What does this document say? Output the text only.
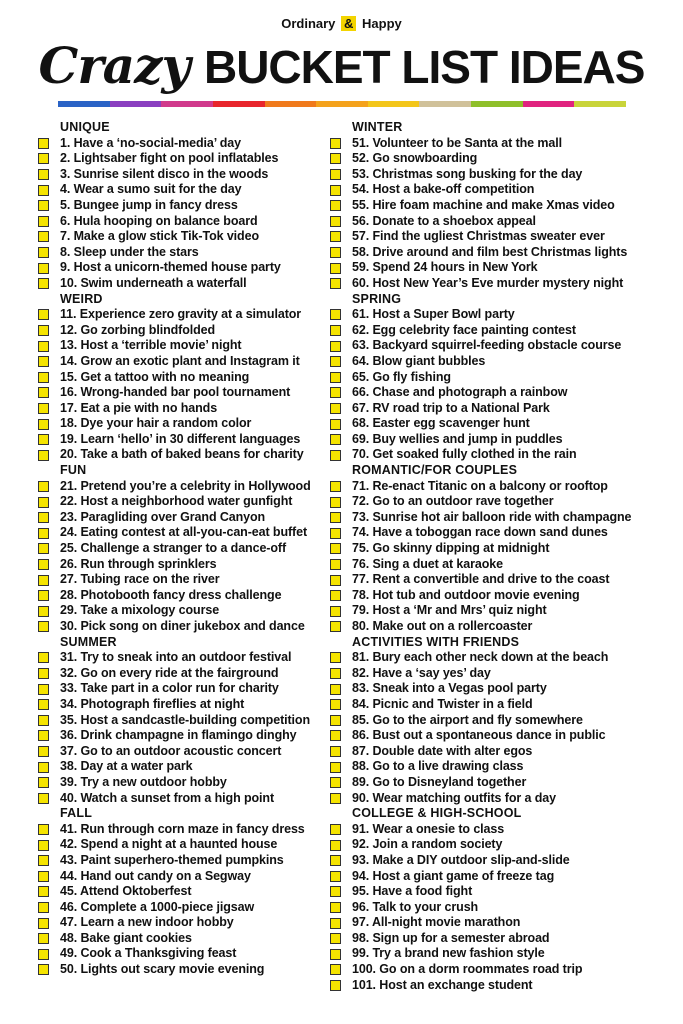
Ordinary & Happy
Crazy BUCKET LIST IDEAS
UNIQUE
1. Have a ‘no-social-media’ day
2. Lightsaber fight on pool inflatables
3. Sunrise silent disco in the woods
4. Wear a sumo suit for the day
5. Bungee jump in fancy dress
6. Hula hooping on balance board
7. Make a glow stick Tik-Tok video
8. Sleep under the stars
9. Host a unicorn-themed house party
10. Swim underneath a waterfall
WEIRD
11. Experience zero gravity at a simulator
12. Go zorbing blindfolded
13. Host a ‘terrible movie’ night
14. Grow an exotic plant and Instagram it
15. Get a tattoo with no meaning
16. Wrong-handed bar pool tournament
17. Eat a pie with no hands
18. Dye your hair a random color
19. Learn ‘hello’ in 30 different languages
20. Take a bath of baked beans for charity
FUN
21. Pretend you’re a celebrity in Hollywood
22. Host a neighborhood water gunfight
23. Paragliding over Grand Canyon
24. Eating contest at all-you-can-eat buffet
25. Challenge a stranger to a dance-off
26. Run through sprinklers
27. Tubing race on the river
28. Photobooth fancy dress challenge
29. Take a mixology course
30. Pick song on diner jukebox and dance
SUMMER
31. Try to sneak into an outdoor festival
32. Go on every ride at the fairground
33. Take part in a color run for charity
34. Photograph fireflies at night
35. Host a sandcastle-building competition
36. Drink champagne in flamingo dinghy
37. Go to an outdoor acoustic concert
38. Day at a water park
39. Try a new outdoor hobby
40. Watch a sunset from a high point
FALL
41. Run through corn maze in fancy dress
42. Spend a night at a haunted house
43. Paint superhero-themed pumpkins
44. Hand out candy on a Segway
45. Attend Oktoberfest
46. Complete a 1000-piece jigsaw
47. Learn a new indoor hobby
48. Bake giant cookies
49. Cook a Thanksgiving feast
50. Lights out scary movie evening
WINTER
51. Volunteer to be Santa at the mall
52. Go snowboarding
53. Christmas song busking for the day
54. Host a bake-off competition
55. Hire foam machine and make Xmas video
56. Donate to a shoebox appeal
57. Find the ugliest Christmas sweater ever
58. Drive around and film best Christmas lights
59. Spend 24 hours in New York
60. Host New Year’s Eve murder mystery night
SPRING
61. Host a Super Bowl party
62. Egg celebrity face painting contest
63. Backyard squirrel-feeding obstacle course
64. Blow giant bubbles
65. Go fly fishing
66. Chase and photograph a rainbow
67. RV road trip to a National Park
68. Easter egg scavenger hunt
69. Buy wellies and jump in puddles
70. Get soaked fully clothed in the rain
ROMANTIC/FOR COUPLES
71. Re-enact Titanic on a balcony or rooftop
72. Go to an outdoor rave together
73. Sunrise hot air balloon ride with champagne
74. Have a toboggan race down sand dunes
75. Go skinny dipping at midnight
76. Sing a duet at karaoke
77. Rent a convertible and drive to the coast
78. Hot tub and outdoor movie evening
79. Host a ‘Mr and Mrs’ quiz night
80. Make out on a rollercoaster
ACTIVITIES WITH FRIENDS
81. Bury each other neck down at the beach
82. Have a ‘say yes’ day
83. Sneak into a Vegas pool party
84. Picnic and Twister in a field
85. Go to the airport and fly somewhere
86. Bust out a spontaneous dance in public
87. Double date with alter egos
88. Go to a live drawing class
89. Go to Disneyland together
90. Wear matching outfits for a day
COLLEGE & HIGH-SCHOOL
91. Wear a onesie to class
92. Join a random society
93. Make a DIY outdoor slip-and-slide
94. Host a giant game of freeze tag
95. Have a food fight
96. Talk to your crush
97. All-night movie marathon
98. Sign up for a semester abroad
99. Try a brand new fashion style
100. Go on a dorm roommates road trip
101. Host an exchange student
